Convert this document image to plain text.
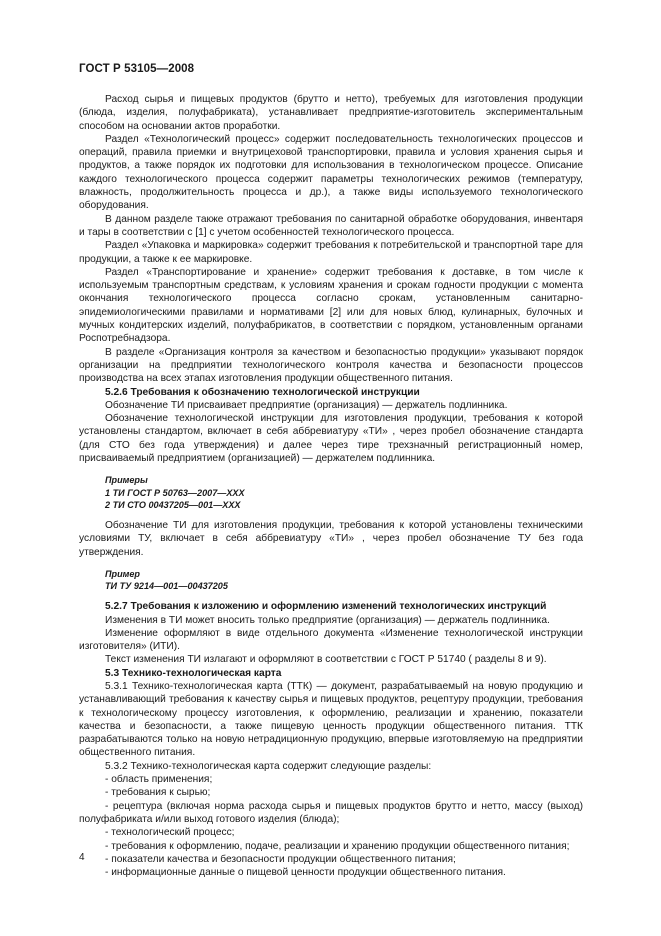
ГОСТ Р 53105—2008

Расход сырья и пищевых продуктов (брутто и нетто), требуемых для изготовления продукции (блюда, изделия, полуфабриката), устанавливает предприятие-изготовитель экспериментальным способом на основании актов проработки.

Раздел «Технологический процесс» содержит последовательность технологических процессов и операций, правила приемки и внутрицеховой транспортировки, правила и условия хранения сырья и продуктов, а также порядок их подготовки для использования в технологическом процессе. Описание каждого технологического процесса содержит параметры технологических режимов (температуру, влажность, продолжительность процесса и др.), а также виды используемого технологического оборудования.

В данном разделе также отражают требования по санитарной обработке оборудования, инвентаря и тары в соответствии с [1] с учетом особенностей технологического процесса.

Раздел «Упаковка и маркировка» содержит требования к потребительской и транспортной таре для продукции, а также к ее маркировке.

Раздел «Транспортирование и хранение» содержит требования к доставке, в том числе к используемым транспортным средствам, к условиям хранения и срокам годности продукции с момента окончания технологического процесса согласно срокам, установленным санитарно-эпидемиологическими правилами и нормативами [2] или для новых блюд, кулинарных, булочных и мучных кондитерских изделий, полуфабрикатов, в соответствии с порядком, установленным органами Роспотребнадзора.

В разделе «Организация контроля за качеством и безопасностью продукции» указывают порядок организации на предприятии технологического контроля качества и безопасности процессов производства на всех этапах изготовления продукции общественного питания.

5.2.6 Требования к обозначению технологической инструкции

Обозначение ТИ присваивает предприятие (организация) — держатель подлинника.

Обозначение технологической инструкции для изготовления продукции, требования к которой установлены стандартом, включает в себя аббревиатуру «ТИ» , через пробел обозначение стандарта (для СТО без года утверждения) и далее через тире трехзначный регистрационный номер, присваиваемый предприятием (организацией) — держателем подлинника.

Примеры
1 ТИ ГОСТ Р 50763—2007—ХХХ
2 ТИ СТО 00437205—001—ХХХ

Обозначение ТИ для изготовления продукции, требования к которой установлены техническими условиями ТУ, включает в себя аббревиатуру «ТИ» , через пробел обозначение ТУ без года утверждения.

Пример
ТИ ТУ 9214—001—00437205
5.2.7 Требования к изложению и оформлению изменений технологических инструкций

Изменения в ТИ может вносить только предприятие (организация) — держатель подлинника.

Изменение оформляют в виде отдельного документа «Изменение технологической инструкции изготовителя» (ИТИ).

Текст изменения ТИ излагают и оформляют в соответствии с ГОСТ Р 51740 ( разделы 8 и 9).

5.3 Технико-технологическая карта

5.3.1 Технико-технологическая карта (ТТК) — документ, разрабатываемый на новую продукцию и устанавливающий требования к качеству сырья и пищевых продуктов, рецептуру продукции, требования к технологическому процессу изготовления, к оформлению, реализации и хранению, показатели качества и безопасности, а также пищевую ценность продукции общественного питания. ТТК разрабатываются только на новую нетрадиционную продукцию, впервые изготовляемую на предприятии общественного питания.

5.3.2 Технико-технологическая карта содержит следующие разделы:

- область применения;

- требования к сырью;

- рецептура (включая норма расхода сырья и пищевых продуктов брутто и нетто, массу (выход) полуфабриката и/или выход готового изделия (блюда);

- технологический процесс;

- требования к оформлению, подаче, реализации и хранению продукции общественного питания;

- показатели качества и безопасности продукции общественного питания;

- информационные данные о пищевой ценности продукции общественного питания.

4
